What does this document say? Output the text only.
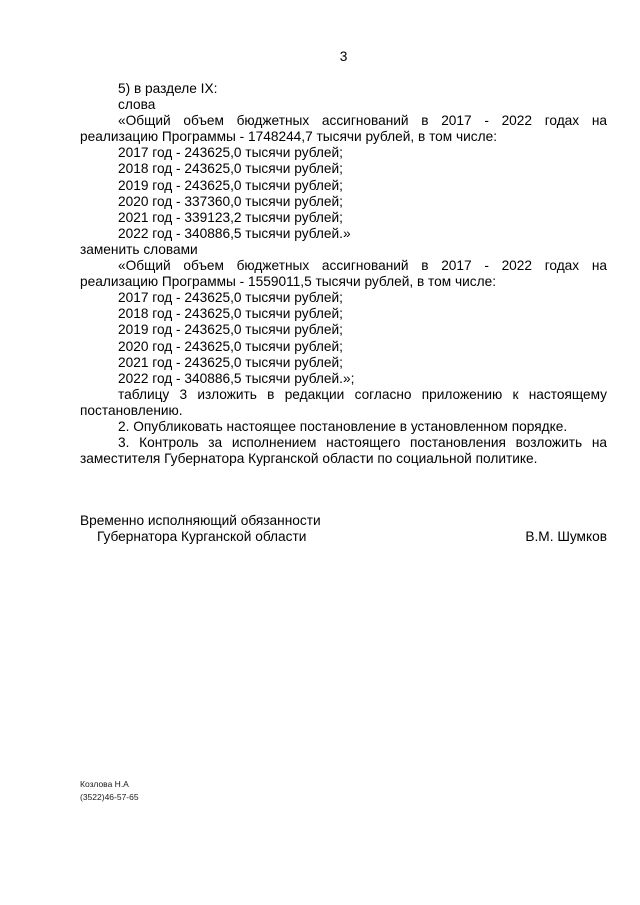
3
5) в разделе IX:
слова
«Общий объем бюджетных ассигнований в 2017 - 2022 годах на
реализацию Программы - 1748244,7 тысячи рублей, в том числе:
2017 год - 243625,0 тысячи рублей;
2018 год - 243625,0 тысячи рублей;
2019 год - 243625,0 тысячи рублей;
2020 год - 337360,0 тысячи рублей;
2021 год - 339123,2 тысячи рублей;
2022 год - 340886,5 тысячи рублей.»
заменить словами
«Общий объем бюджетных ассигнований в 2017 - 2022 годах на
реализацию Программы - 1559011,5 тысячи рублей, в том числе:
2017 год - 243625,0 тысячи рублей;
2018 год - 243625,0 тысячи рублей;
2019 год - 243625,0 тысячи рублей;
2020 год - 243625,0 тысячи рублей;
2021 год - 243625,0 тысячи рублей;
2022 год - 340886,5 тысячи рублей.»;
таблицу 3 изложить в редакции согласно приложению к настоящему
постановлению.
2. Опубликовать настоящее постановление в установленном порядке.
3. Контроль за исполнением настоящего постановления возложить на
заместителя Губернатора Курганской области по социальной политике.
Временно исполняющий обязанности
Губернатора Курганской области	В.М. Шумков
Козлова Н.А
(3522)46-57-65
